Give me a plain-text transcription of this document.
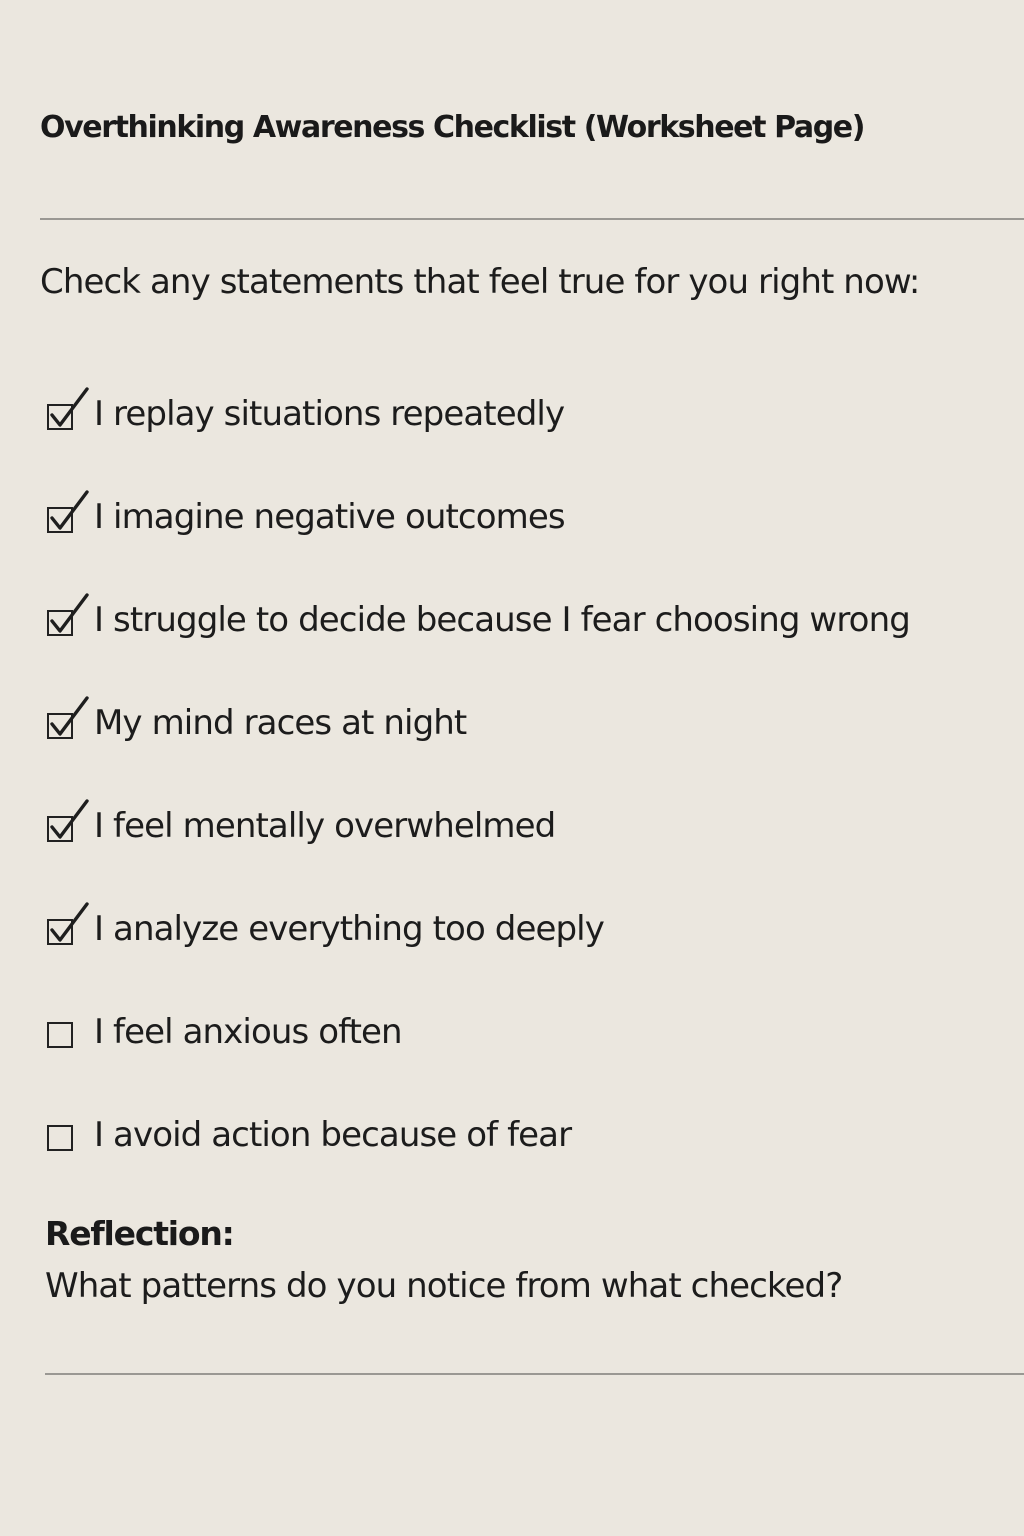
Overthinking Awareness Checklist (Worksheet Page)
Check any statements that feel true for you right now:
I replay situations repeatedly
I imagine negative outcomes
I struggle to decide because I fear choosing wrong
My mind races at night
I feel mentally overwhelmed
I analyze everything too deeply
I feel anxious often
I avoid action because of fear
Reflection:
What patterns do you notice from what checked?
